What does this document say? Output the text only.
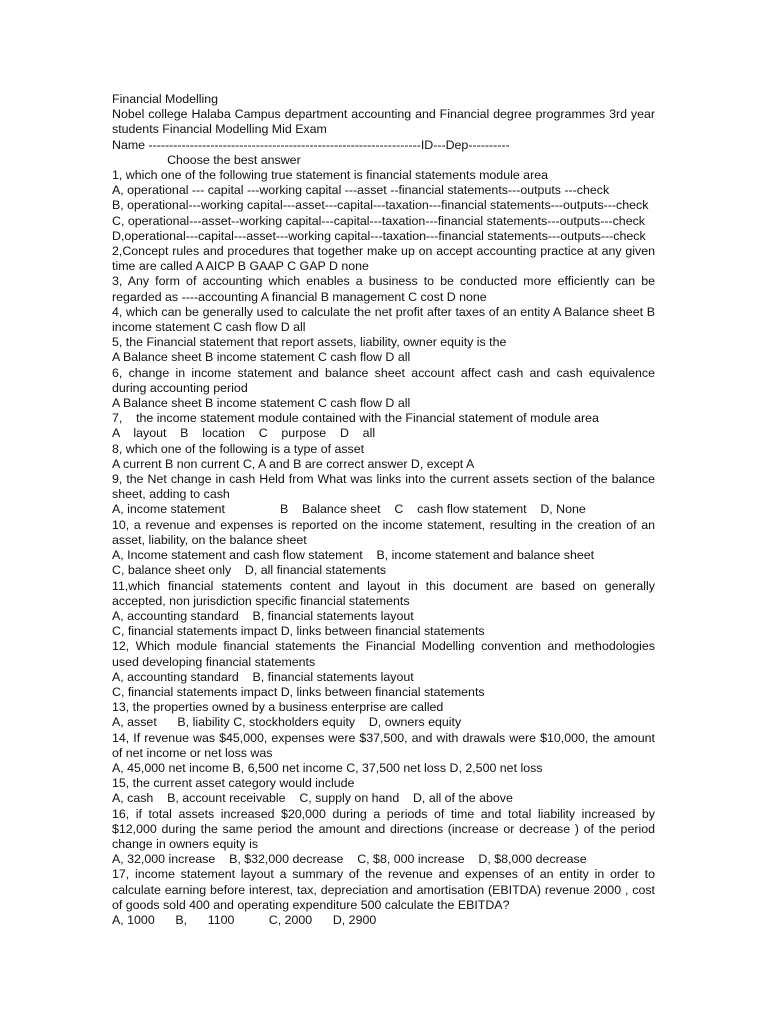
Financial Modelling
Nobel college Halaba Campus department accounting and Financial degree programmes 3rd year students Financial Modelling Mid Exam
Name ------------------------------------------------------------------ID---Dep----------
Choose the best answer
1, which one of the following true statement is financial statements module area
A, operational --- capital ---working capital ---asset --financial statements---outputs ---check
B, operational---working capital---asset---capital---taxation---financial statements---outputs---check
C, operational---asset--working capital---capital---taxation---financial statements---outputs---check
D,operational---capital---asset---working capital---taxation---financial statements---outputs---check
2,Concept rules and procedures that together make up on accept accounting practice at any given time are called A AICP B GAAP C GAP D none
3, Any form of accounting which enables a business to be conducted more efficiently can be regarded as ----accounting A financial B management C cost D none
4, which can be generally used to calculate the net profit after taxes of an entity A Balance sheet B income statement C cash flow D all
5, the Financial statement that report assets, liability, owner equity is the
A Balance sheet B income statement C cash flow D all
6, change in income statement and balance sheet account affect cash and cash equivalence during accounting period
A Balance sheet B income statement C cash flow D all
7,    the income statement module contained with the Financial statement of module area
A    layout    B    location    C    purpose    D    all
8, which one of the following is a type of asset
A current B non current C, A and B are correct answer D, except A
9, the Net change in cash Held from What was links into the current assets section of the balance sheet, adding to cash
A, income statement                B    Balance sheet    C    cash flow statement    D, None
10, a revenue and expenses is reported on the income statement, resulting in the creation of an asset, liability, on the balance sheet
A, Income statement and cash flow statement    B, income statement and balance sheet
C, balance sheet only    D, all financial statements
11,which financial statements content and layout in this document are based on generally accepted, non jurisdiction specific financial statements
A, accounting standard    B, financial statements layout
C, financial statements impact D, links between financial statements
12, Which module financial statements the Financial Modelling convention and methodologies used developing financial statements
A, accounting standard    B, financial statements layout
C, financial statements impact D, links between financial statements
13, the properties owned by a business enterprise are called
A, asset      B, liability C, stockholders equity    D, owners equity
14, If revenue was $45,000, expenses were $37,500, and with drawals were $10,000, the amount of net income or net loss was
A, 45,000 net income B, 6,500 net income C, 37,500 net loss D, 2,500 net loss
15, the current asset category would include
A, cash    B, account receivable    C, supply on hand    D, all of the above
16, if total assets increased $20,000 during a periods of time and total liability increased by $12,000 during the same period the amount and directions (increase or decrease ) of the period change in owners equity is
A, 32,000 increase    B, $32,000 decrease    C, $8, 000 increase    D, $8,000 decrease
17, income statement layout a summary of the revenue and expenses of an entity in order to calculate earning before interest, tax, depreciation and amortisation (EBITDA) revenue 2000 , cost of goods sold 400 and operating expenditure 500 calculate the EBITDA?
A, 1000      B,      1100          C, 2000      D, 2900
